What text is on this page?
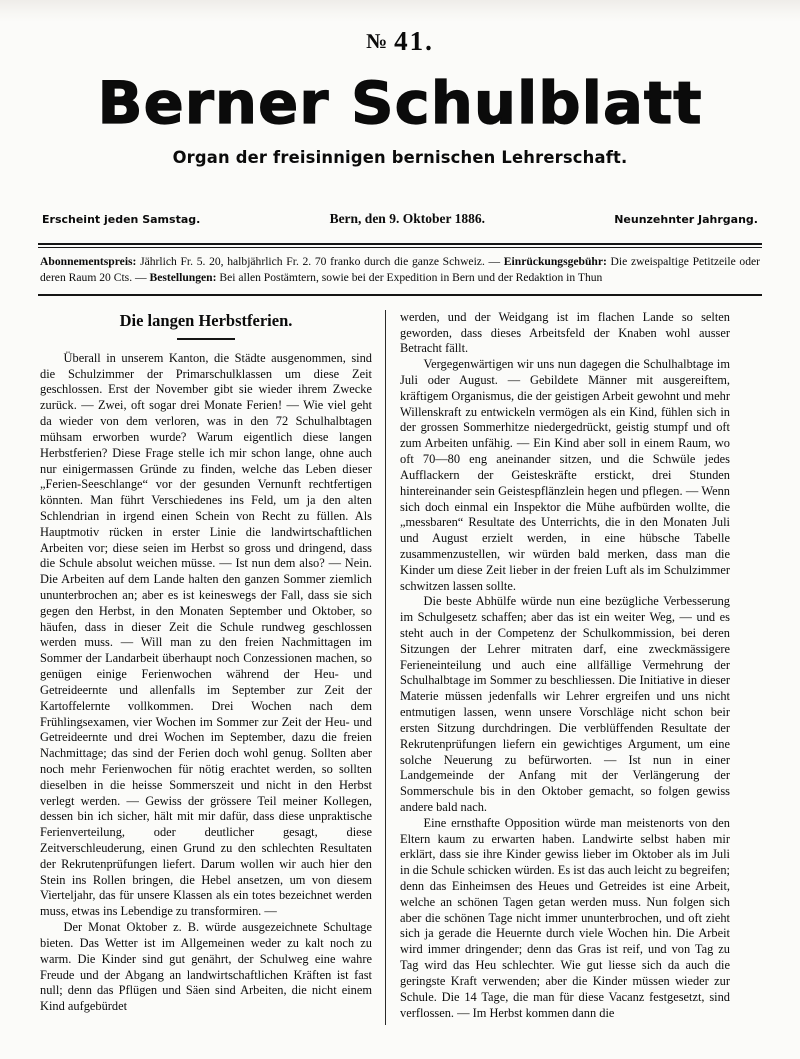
№ 41.
Berner Schulblatt
Organ der freisinnigen bernischen Lehrerschaft.
Erscheint jeden Samstag.	Bern, den 9. Oktober 1886.	Neunzehnter Jahrgang.
Abonnementspreis: Jährlich Fr. 5. 20, halbjährlich Fr. 2. 70 franko durch die ganze Schweiz. — Einrückungsgebühr: Die zweispaltige Petitzeile oder deren Raum 20 Cts. — Bestellungen: Bei allen Postämtern, sowie bei der Expedition in Bern und der Redaktion in Thun
Die langen Herbstferien.

Überall in unserem Kanton, die Städte ausgenommen, sind die Schulzimmer der Primarschulklassen um diese Zeit geschlossen. Erst der November gibt sie wieder ihrem Zwecke zurück. — Zwei, oft sogar drei Monate Ferien! — Wie viel geht da wieder von dem verloren, was in den 72 Schulhalbtagen mühsam erworben wurde? Warum eigentlich diese langen Herbstferien? Diese Frage stelle ich mir schon lange, ohne auch nur einigermassen Gründe zu finden, welche das Leben dieser „Ferien-Seeschlange“ vor der gesunden Vernunft rechtfertigen könnten. Man führt Verschiedenes ins Feld, um ja den alten Schlendrian in irgend einen Schein von Recht zu füllen. Als Hauptmotiv rücken in erster Linie die landwirtschaftlichen Arbeiten vor; diese seien im Herbst so gross und dringend, dass die Schule absolut weichen müsse. — Ist nun dem also? — Nein. Die Arbeiten auf dem Lande halten den ganzen Sommer ziemlich ununterbrochen an; aber es ist keineswegs der Fall, dass sie sich gegen den Herbst, in den Monaten September und Oktober, so häufen, dass in dieser Zeit die Schule rundweg geschlossen werden muss. — Will man zu den freien Nachmittagen im Sommer der Landarbeit überhaupt noch Conzessionen machen, so genügen einige Ferienwochen während der Heu- und Getreideernte und allenfalls im September zur Zeit der Kartoffelernte vollkommen. Drei Wochen nach dem Frühlingsexamen, vier Wochen im Sommer zur Zeit der Heu- und Getreideernte und drei Wochen im September, dazu die freien Nachmittage; das sind der Ferien doch wohl genug. Sollten aber noch mehr Ferienwochen für nötig erachtet werden, so sollten dieselben in die heisse Sommerszeit und nicht in den Herbst verlegt werden. — Gewiss der grössere Teil meiner Kollegen, dessen bin ich sicher, hält mit mir dafür, dass diese unpraktische Ferienverteilung, oder deutlicher gesagt, diese Zeitverschleuderung, einen Grund zu den schlechten Resultaten der Rekrutenprüfungen liefert. Darum wollen wir auch hier den Stein ins Rollen bringen, die Hebel ansetzen, um von diesem Vierteljahr, das für unsere Klassen als ein totes bezeichnet werden muss, etwas ins Lebendige zu transformiren. —

Der Monat Oktober z. B. würde ausgezeichnete Schultage bieten. Das Wetter ist im Allgemeinen weder zu kalt noch zu warm. Die Kinder sind gut genährt, der Schulweg eine wahre Freude und der Abgang an landwirtschaftlichen Kräften ist fast null; denn das Pflügen und Säen sind Arbeiten, die nicht einem Kind aufgebürdet

werden, und der Weidgang ist im flachen Lande so selten geworden, dass dieses Arbeitsfeld der Knaben wohl ausser Betracht fällt.

Vergegenwärtigen wir uns nun dagegen die Schulhalbtage im Juli oder August. — Gebildete Männer mit ausgereiftem, kräftigem Organismus, die der geistigen Arbeit gewohnt und mehr Willenskraft zu entwickeln vermögen als ein Kind, fühlen sich in der grossen Sommerhitze niedergedrückt, geistig stumpf und oft zum Arbeiten unfähig. — Ein Kind aber soll in einem Raum, wo oft 70—80 eng aneinander sitzen, und die Schwüle jedes Aufflackern der Geisteskräfte erstickt, drei Stunden hintereinander sein Geistespflänzlein hegen und pflegen. — Wenn sich doch einmal ein Inspektor die Mühe aufbürden wollte, die „messbaren“ Resultate des Unterrichts, die in den Monaten Juli und August erzielt werden, in eine hübsche Tabelle zusammenzustellen, wir würden bald merken, dass man die Kinder um diese Zeit lieber in der freien Luft als im Schulzimmer schwitzen lassen sollte.

Die beste Abhülfe würde nun eine bezügliche Verbesserung im Schulgesetz schaffen; aber das ist ein weiter Weg, — und es steht auch in der Competenz der Schulkommission, bei deren Sitzungen der Lehrer mitraten darf, eine zweckmässigere Ferieneinteilung und auch eine allfällige Vermehrung der Schulhalbtage im Sommer zu beschliessen. Die Initiative in dieser Materie müssen jedenfalls wir Lehrer ergreifen und uns nicht entmutigen lassen, wenn unsere Vorschläge nicht schon beir ersten Sitzung durchdringen. Die verblüffenden Resultate der Rekrutenprüfungen liefern ein gewichtiges Argument, um eine solche Neuerung zu befürworten. — Ist nun in einer Landgemeinde der Anfang mit der Verlängerung der Sommerschule bis in den Oktober gemacht, so folgen gewiss andere bald nach.

Eine ernsthafte Opposition würde man meistenorts von den Eltern kaum zu erwarten haben. Landwirte selbst haben mir erklärt, dass sie ihre Kinder gewiss lieber im Oktober als im Juli in die Schule schicken würden. Es ist das auch leicht zu begreifen; denn das Einheimsen des Heues und Getreides ist eine Arbeit, welche an schönen Tagen getan werden muss. Nun folgen sich aber die schönen Tage nicht immer ununterbrochen, und oft zieht sich ja gerade die Heuernte durch viele Wochen hin. Die Arbeit wird immer dringender; denn das Gras ist reif, und von Tag zu Tag wird das Heu schlechter. Wie gut liesse sich da auch die geringste Kraft verwenden; aber die Kinder müssen wieder zur Schule. Die 14 Tage, die man für diese Vacanz festgesetzt, sind verflossen. — Im Herbst kommen dann die
